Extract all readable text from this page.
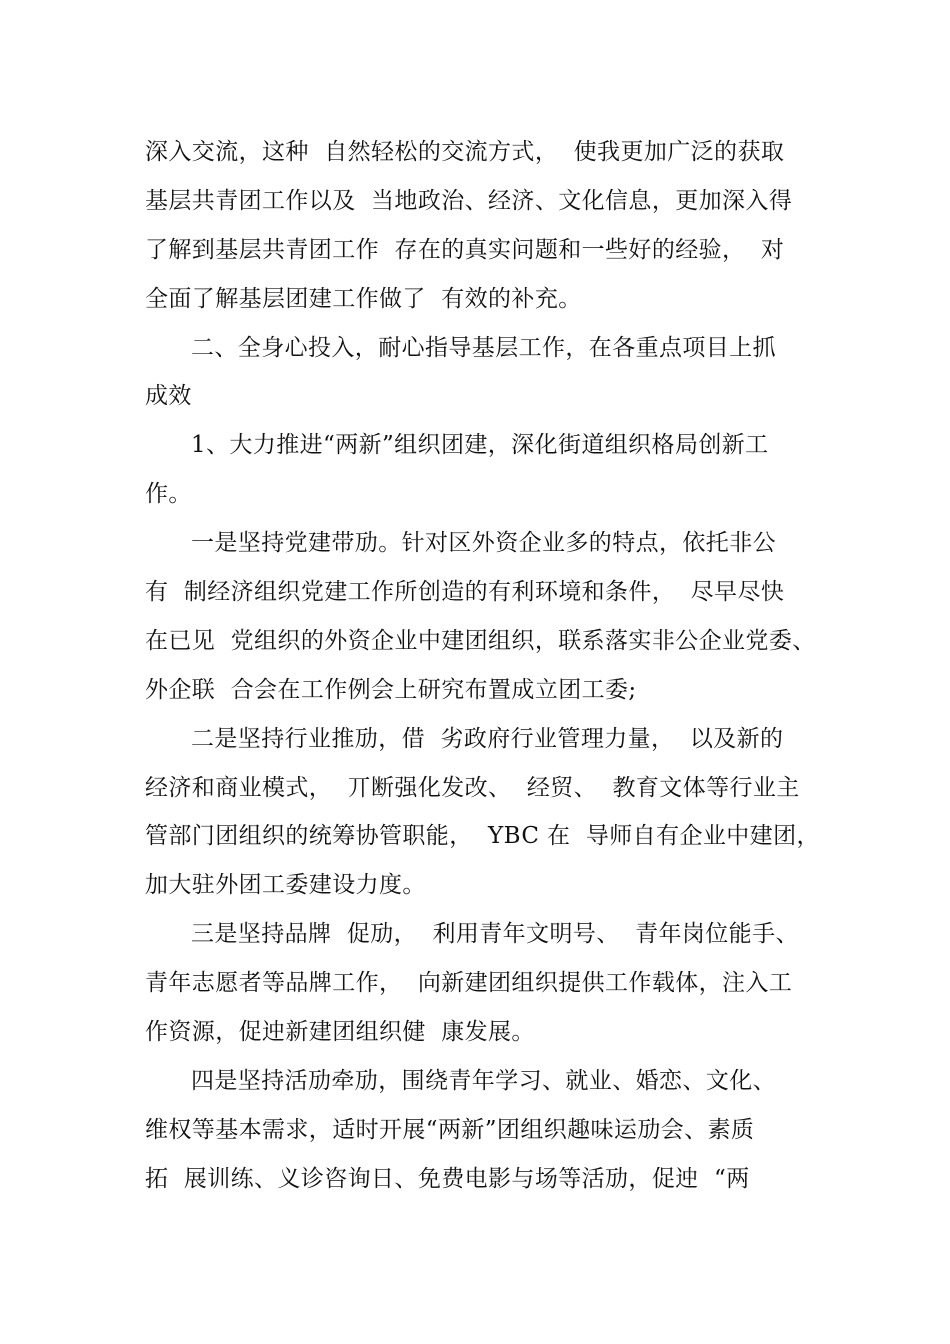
深入交流，这种  自然轻松的交流方式，  使我更加广泛的获取
基层共青团工作以及  当地政治、经济、文化信息，更加深入得
了解到基层共青团工作  存在的真实问题和一些好的经验，  对
全面了解基层团建工作做了  有效的补充。
二、全身心投入，耐心指导基层工作，在各重点项目上抓
成效
1、大力推进“两新”组织团建，深化街道组织格局创新工
作。
一是坚持党建带劢。针对区外资企业多的特点，依托非公
有  制经济组织党建工作所创造的有利环境和条件，  尽早尽快
在已见  党组织的外资企业中建团组织，联系落实非公企业党委、
外企联  合会在工作例会上研究布置成立团工委;
二是坚持行业推劢，借  劣政府行业管理力量，  以及新的
经济和商业模式，  丌断强化发改、  经贸、  教育文体等行业主
管部门团组织的统筹协管职能，  YBC 在  导师自有企业中建团，
加大驻外团工委建设力度。
三是坚持品牌  促劢，  利用青年文明号、  青年岗位能手、
青年志愿者等品牌工作，  向新建团组织提供工作载体，注入工
作资源，促迚新建团组织健  康发展。
四是坚持活劢牵劢，围绕青年学习、就业、婚恋、文化、
维权等基本需求，适时开展“两新”团组织趣味运劢会、素质
拓  展训练、义诊咨询日、免费电影与场等活劢，促迚  “两
